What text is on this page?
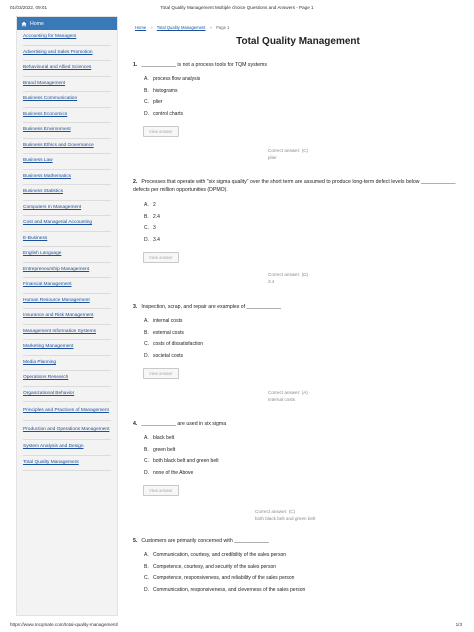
01/03/2022, 09:01	Total Quality Management Multiple choice Questions and Answers - Page 1
Home
Accounting for Managers
Advertising and Sales Promotion
Behavioural and Allied Sciences
Brand Management
Business Communication
Business Economics
Business Environment
Business Ethics and Governance
Business Law
Business Mathematics
Business Statistics
Computers In Management
Cost and Managerial Accounting
E-Business
English Language
Entrepreneurship Management
Financial Management
Human Resource Management
Insurance and Risk Management
Management Information Systems
Marketing Management
Media Planning
Operations Research
Organizational Behavior
Principles and Practices of Management
Production and Operations Management
System Analysis and Design
Total Quality Management
Home » Total Quality Management » Page 1
Total Quality Management
1. ____________ is not a process tools for TQM systems
A. process flow analysis
B. histograms
C. plier
D. control charts
View answer
Correct answer: (C)
plier
2. Processes that operate with "six sigma quality" over the short term are assumed to produce long-term defect levels below ____________ defects per million opportunities (DPMO).
A. 2
B. 2.4
C. 3
D. 3.4
View answer
Correct answer: (D)
3.4
3. Inspection, scrap, and repair are examples of ____________
A. internal costs
B. external costs
C. costs of dissatisfaction
D. societal costs
View answer
Correct answer: (A)
internal costs
4. ____________ are used in six sigma
A. black belt
B. green belt
C. both black belt and green belt
D. none of the Above
View answer
Correct answer: (C)
both black belt and green belt
5. Customers are primarily concerned with ____________
A. Communication, courtesy, and credibility of the sales person
B. Competence, courtesy, and security of the sales person
C. Competence, responsiveness, and reliability of the sales person
D. Communication, responsiveness, and cleverness of the sales person
https://www.mcqmate.com/total-quality-management/	1/3
